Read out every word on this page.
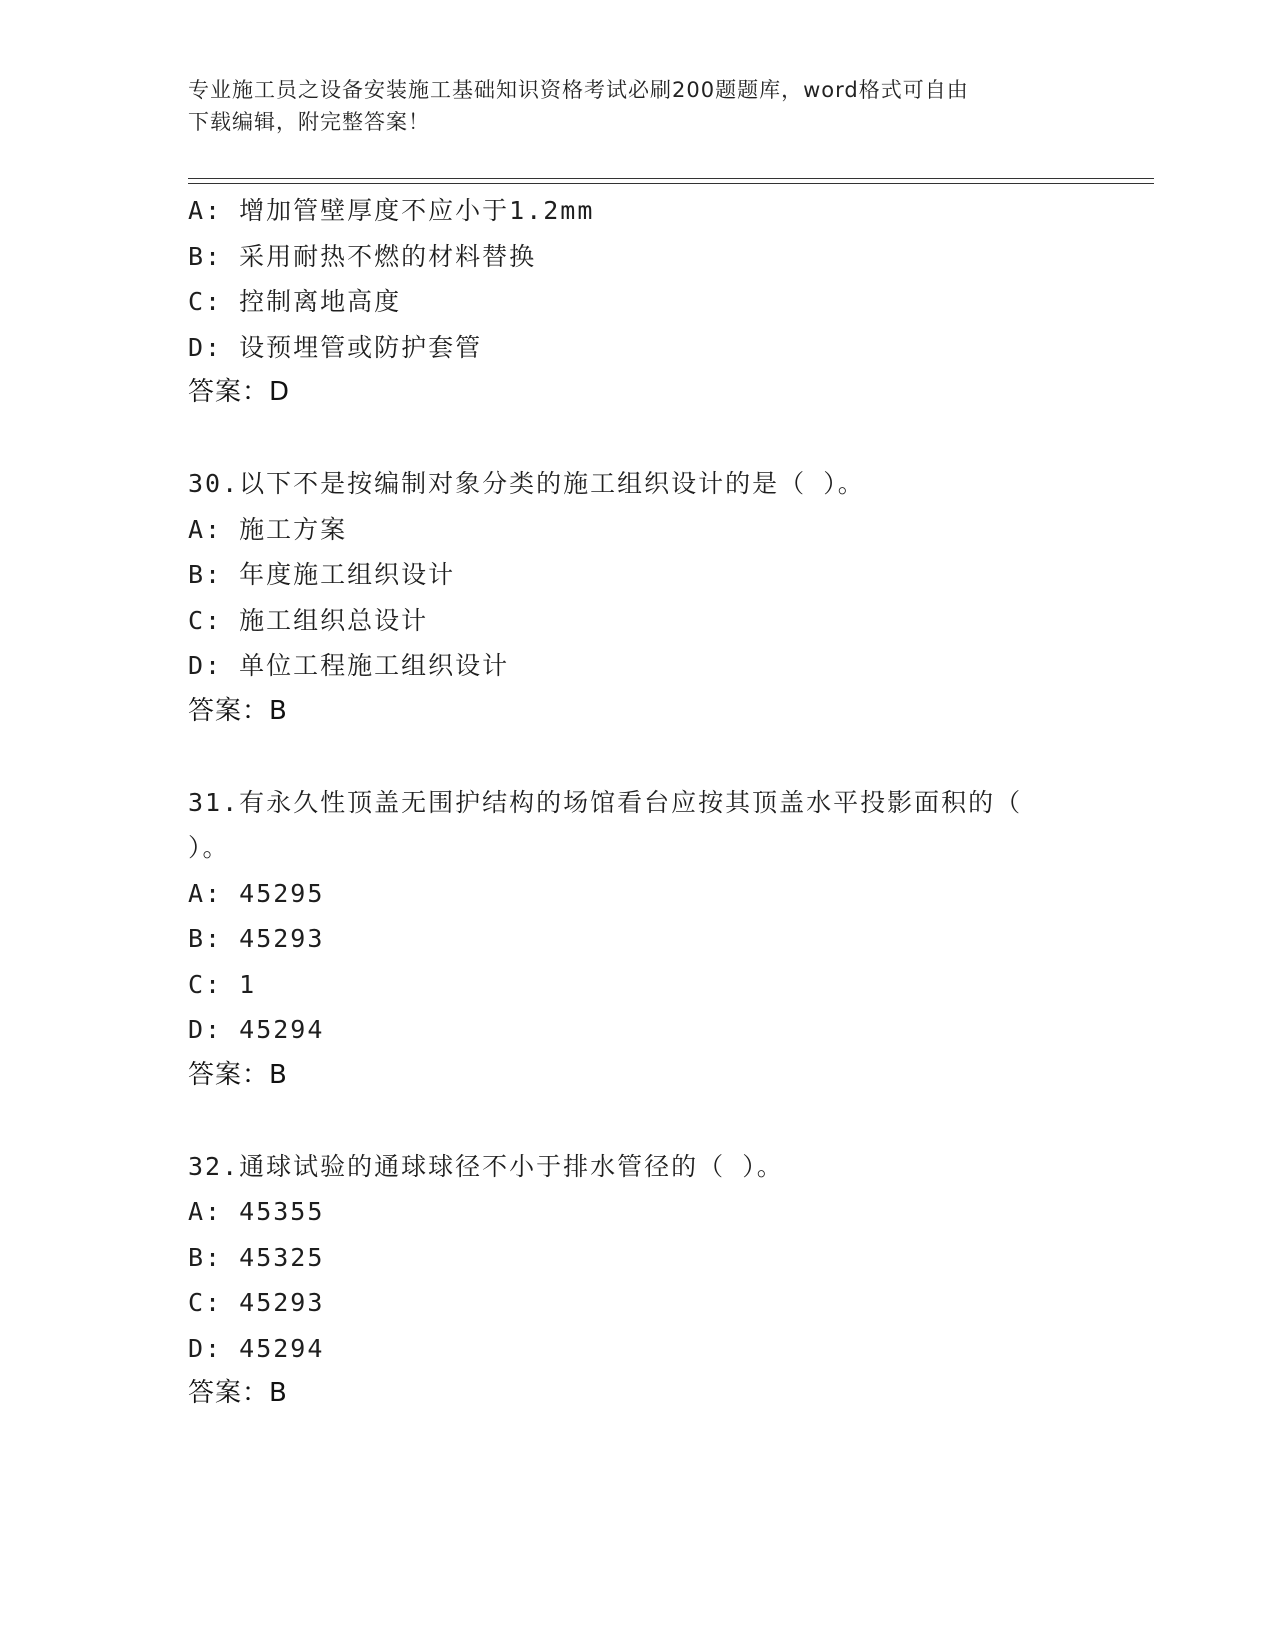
专业施工员之设备安装施工基础知识资格考试必刷200题题库，word格式可自由
下载编辑，附完整答案！
A: 增加管壁厚度不应小于1.2mm
B: 采用耐热不燃的材料替换
C: 控制离地高度
D: 设预埋管或防护套管
答案：D
30.以下不是按编制对象分类的施工组织设计的是（ ）。
A: 施工方案
B: 年度施工组织设计
C: 施工组织总设计
D: 单位工程施工组织设计
答案：B
31.有永久性顶盖无围护结构的场馆看台应按其顶盖水平投影面积的（
）。
A: 45295
B: 45293
C: 1
D: 45294
答案：B
32.通球试验的通球球径不小于排水管径的（ ）。
A: 45355
B: 45325
C: 45293
D: 45294
答案：B
